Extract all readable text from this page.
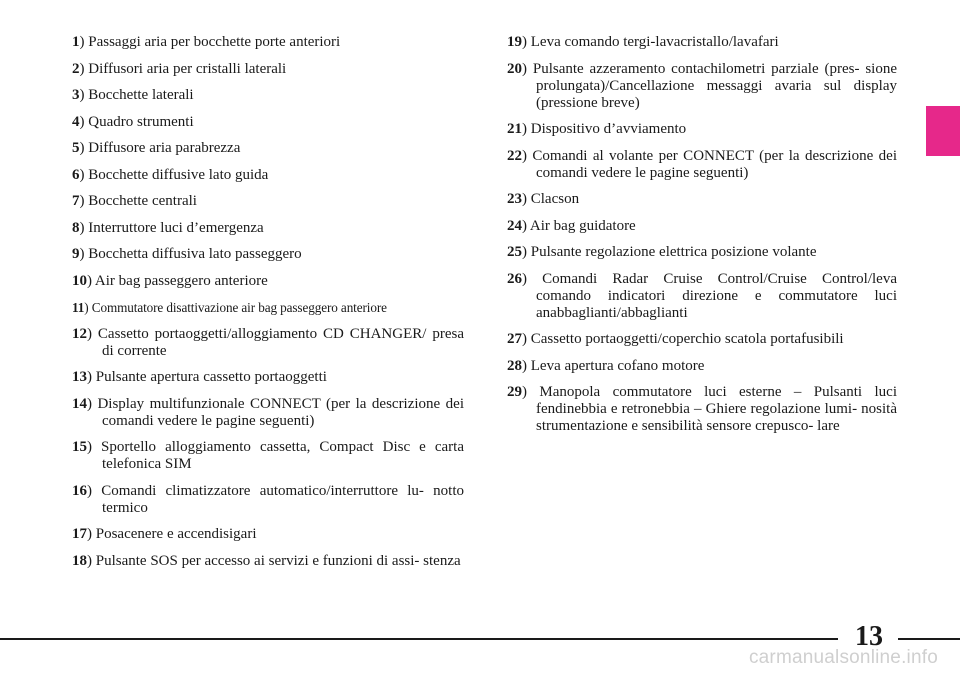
1) Passaggi aria per bocchette porte anteriori
2) Diffusori aria per cristalli laterali
3) Bocchette laterali
4) Quadro strumenti
5) Diffusore aria parabrezza
6) Bocchette diffusive lato guida
7) Bocchette centrali
8) Interruttore luci d’emergenza
9) Bocchetta diffusiva lato passeggero
10) Air bag passeggero anteriore
11) Commutatore disattivazione air bag passeggero anteriore
12) Cassetto portaoggetti/alloggiamento CD CHANGER/ presa di corrente
13) Pulsante apertura cassetto portaoggetti
14) Display multifunzionale CONNECT (per la descrizione dei comandi vedere le pagine seguenti)
15) Sportello alloggiamento cassetta, Compact Disc e carta telefonica SIM
16) Comandi climatizzatore automatico/interruttore lu- notto termico
17) Posacenere e accendisigari
18) Pulsante SOS per accesso ai servizi e funzioni di assi- stenza
19) Leva comando tergi-lavacristallo/lavafari
20) Pulsante azzeramento contachilometri parziale (pres- sione prolungata)/Cancellazione messaggi avaria sul display (pressione breve)
21) Dispositivo d’avviamento
22) Comandi al volante per CONNECT (per la descrizione dei comandi vedere le pagine seguenti)
23) Clacson
24) Air bag guidatore
25) Pulsante regolazione elettrica posizione volante
26) Comandi Radar Cruise Control/Cruise Control/leva comando indicatori direzione e commutatore luci anabbaglianti/abbaglianti
27) Cassetto portaoggetti/coperchio scatola portafusibili
28) Leva apertura cofano motore
29) Manopola commutatore luci esterne – Pulsanti luci fendinebbia e retronebbia – Ghiere regolazione lumi- nosità strumentazione e sensibilità sensore crepusco- lare
13
carmanualsonline.info
